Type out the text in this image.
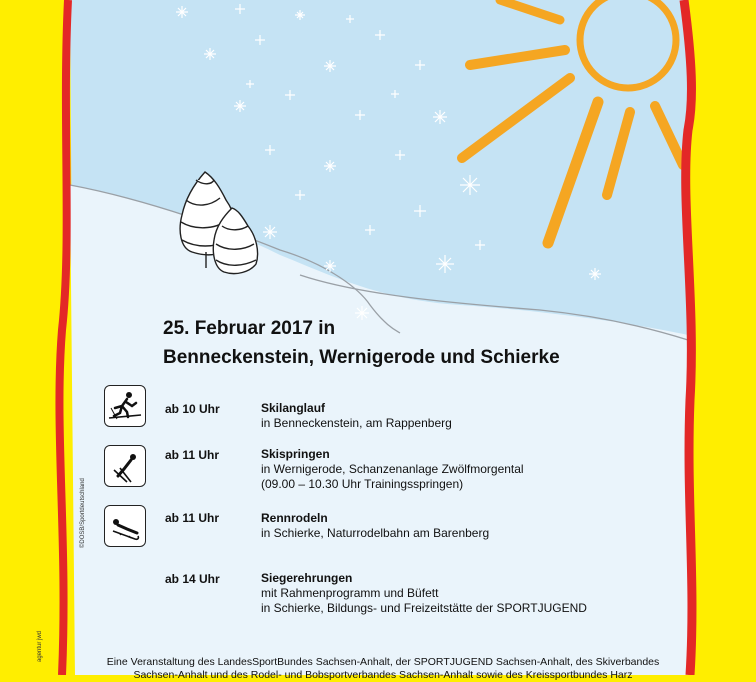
25. Februar 2017 in
Benneckenstein, Wernigerode und Schierke
ab 10 Uhr	Skilanglauf
in Benneckenstein, am Rappenberg
ab 11 Uhr	Skispringen
in Wernigerode, Schanzenanlage Zwölfmorgental
(09.00 – 10.30 Uhr Trainingsspringen)
ab 11 Uhr	Rennrodeln
in Schierke, Naturrodelbahn am Barenberg
ab 14 Uhr	Siegerehrungen
mit Rahmenprogramm und Büfett
in Schierke, Bildungs- und Freizeitstätte der SPORTJUGEND
©DOSB/Sportdeutschland
agentur jwd	Eine Veranstaltung des LandesSportBundes Sachsen-Anhalt, der SPORTJUGEND Sachsen-Anhalt, des Skiverbandes
Sachsen-Anhalt und des Rodel- und Bobsportverbandes Sachsen-Anhalt sowie des Kreissportbundes Harz
